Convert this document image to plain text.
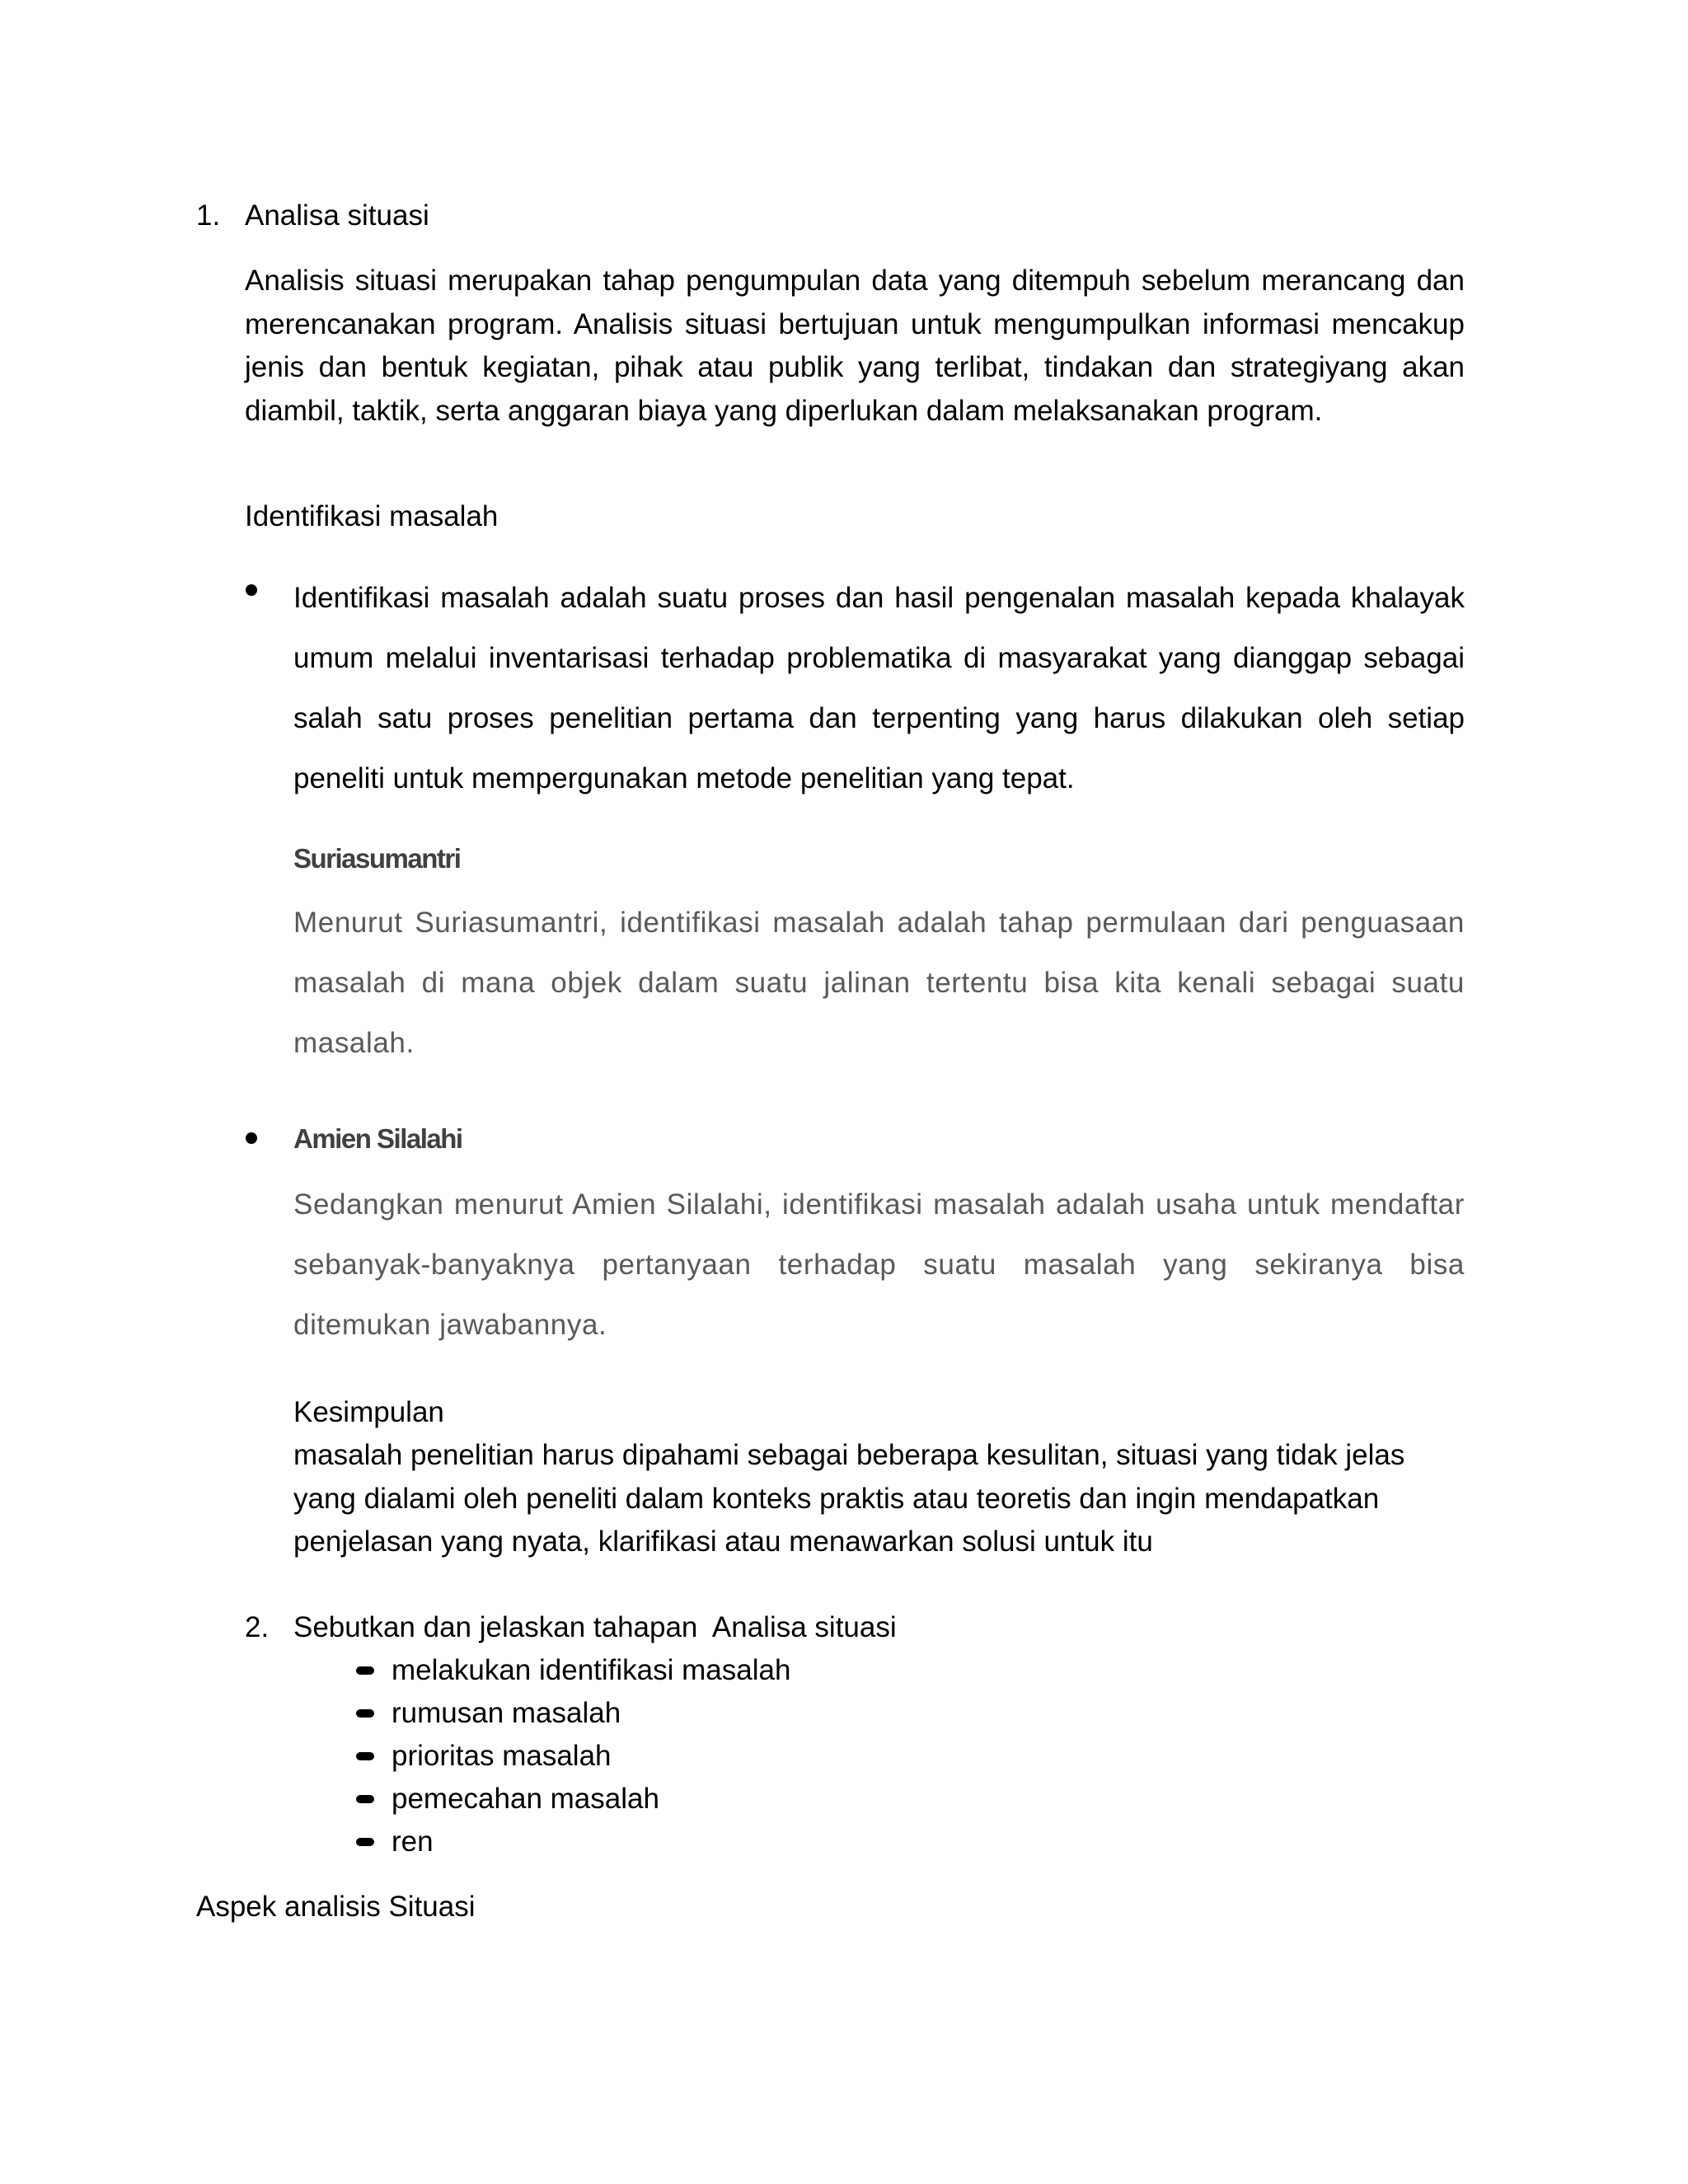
1. Analisa situasi
Analisis situasi merupakan tahap pengumpulan data yang ditempuh sebelum merancang dan merencanakan program. Analisis situasi bertujuan untuk mengumpulkan informasi mencakup jenis dan bentuk kegiatan, pihak atau publik yang terlibat, tindakan dan strategiyang akan diambil, taktik, serta anggaran biaya yang diperlukan dalam melaksanakan program.
Identifikasi masalah
Identifikasi masalah adalah suatu proses dan hasil pengenalan masalah kepada khalayak umum melalui inventarisasi terhadap problematika di masyarakat yang dianggap sebagai salah satu proses penelitian pertama dan terpenting yang harus dilakukan oleh setiap peneliti untuk mempergunakan metode penelitian yang tepat.
Suriasumantri
Menurut Suriasumantri, identifikasi masalah adalah tahap permulaan dari penguasaan masalah di mana objek dalam suatu jalinan tertentu bisa kita kenali sebagai suatu masalah.
Amien Silalahi
Sedangkan menurut Amien Silalahi, identifikasi masalah adalah usaha untuk mendaftar sebanyak-banyaknya pertanyaan terhadap suatu masalah yang sekiranya bisa ditemukan jawabannya.
Kesimpulan
masalah penelitian harus dipahami sebagai beberapa kesulitan, situasi yang tidak jelas yang dialami oleh peneliti dalam konteks praktis atau teoretis dan ingin mendapatkan penjelasan yang nyata, klarifikasi atau menawarkan solusi untuk itu
2. Sebutkan dan jelaskan tahapan  Analisa situasi
melakukan identifikasi masalah
rumusan masalah
prioritas masalah
pemecahan masalah
ren
Aspek analisis Situasi
